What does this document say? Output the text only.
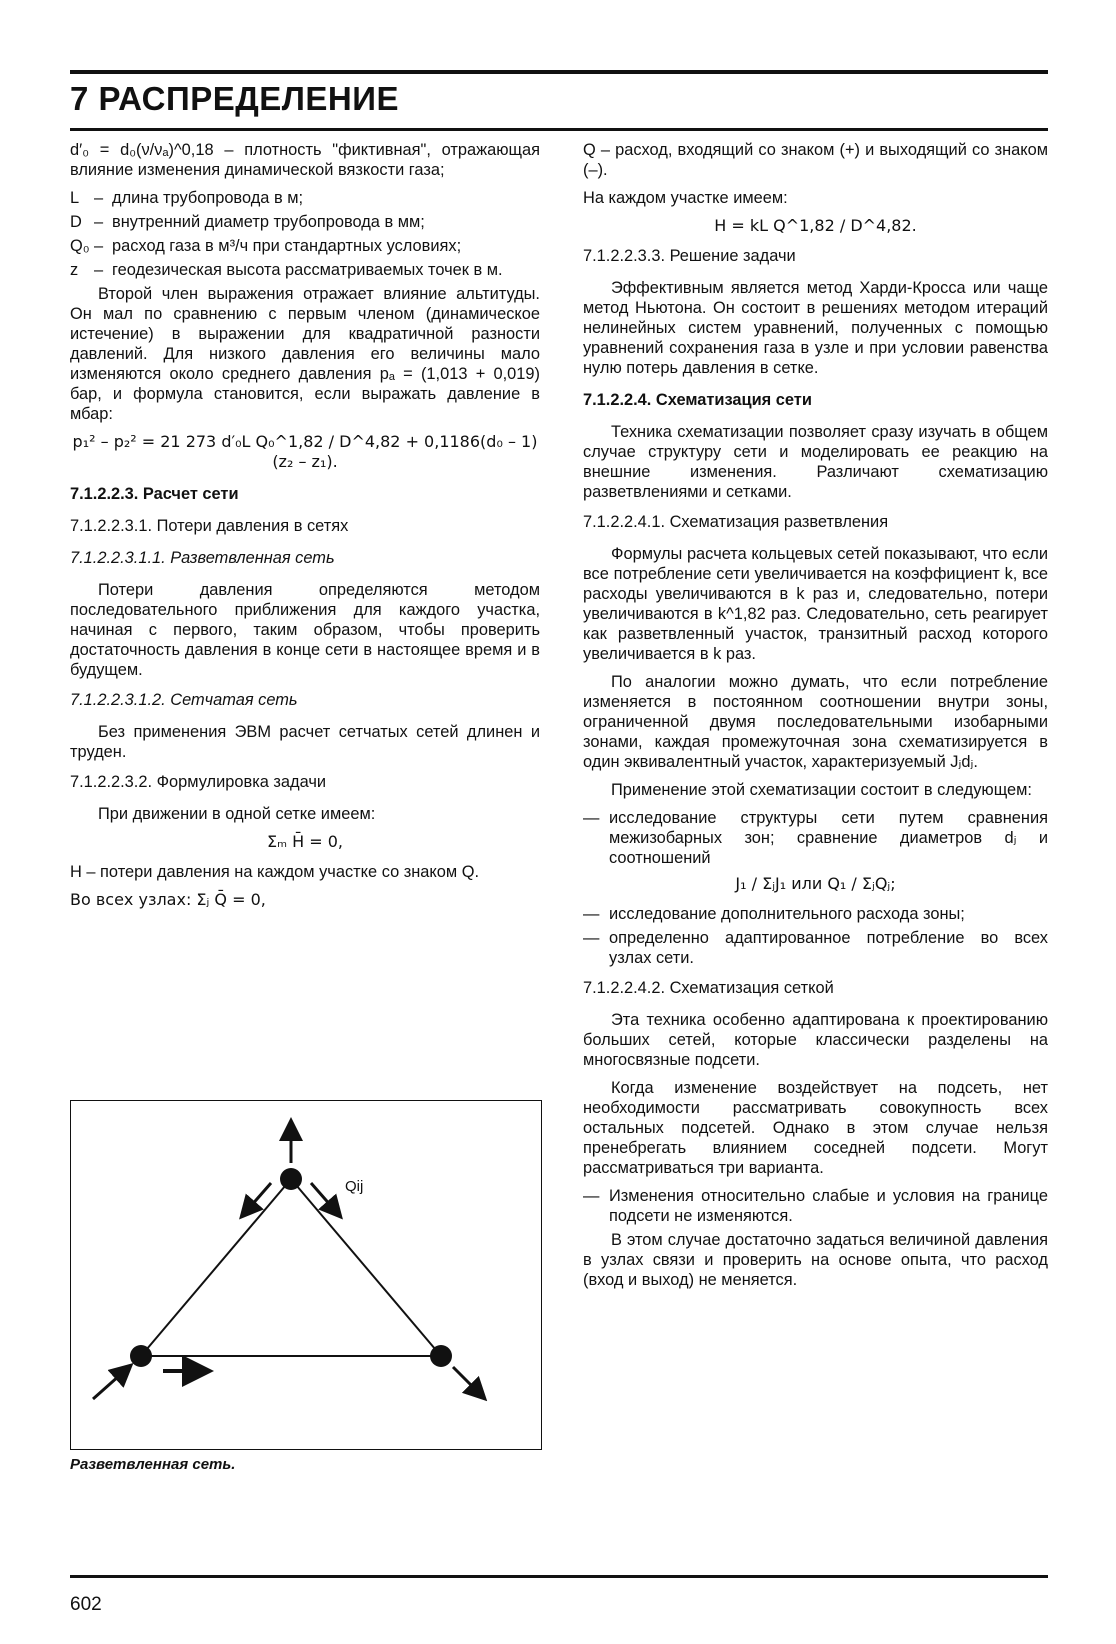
7 РАСПРЕДЕЛЕНИЕ

d′₀ = d₀(ν/νₐ)^0,18 – плотность "фиктивная", отражающая влияние изменения динамической вязкости газа;

L – длина трубопровода в м;
D – внутренний диаметр трубопровода в мм;
Q₀ – расход газа в м³/ч при стандартных условиях;
z – геодезическая высота рассматриваемых точек в м.

Второй член выражения отражает влияние альтитуды. Он мал по сравнению с первым членом (динамическое истечение) в выражении для квадратичной разности давлений. Для низкого давления его величины мало изменяются около среднего давления pₐ = (1,013 + 0,019) бар, и формула становится, если выражать давление в мбар:

p₁² – p₂² = 21 273 d′₀L Q₀^1,82 / D^4,82 + 0,1186(d₀ – 1)(z₂ – z₁).

7.1.2.2.3. Расчет сети

7.1.2.2.3.1. Потери давления в сетях

7.1.2.2.3.1.1. Разветвленная сеть

Потери давления определяются методом последовательного приближения для каждого участка, начиная с первого, таким образом, чтобы проверить достаточность давления в конце сети в настоящее время и в будущем.

7.1.2.2.3.1.2. Сетчатая сеть

Без применения ЭВМ расчет сетчатых сетей длинен и труден.

7.1.2.2.3.2. Формулировка задачи

При движении в одной сетке имеем:

Σₘ H̄ = 0,

H – потери давления на каждом участке со знаком Q.

Во всех узлах: Σⱼ Q̄ = 0,
Qij
Разветвленная сеть.

Q – расход, входящий со знаком (+) и выходящий со знаком (–).

На каждом участке имеем:

H = kL Q^1,82 / D^4,82.

7.1.2.2.3.3. Решение задачи

Эффективным является метод Харди-Кросса или чаще метод Ньютона. Он состоит в решениях методом итераций нелинейных систем уравнений, полученных с помощью уравнений сохранения газа в узле и при условии равенства нулю потерь давления в сетке.

7.1.2.2.4. Схематизация сети

Техника схематизации позволяет сразу изучать в общем случае структуру сети и моделировать ее реакцию на внешние изменения. Различают схематизацию разветвлениями и сетками.

7.1.2.2.4.1. Схематизация разветвления

Формулы расчета кольцевых сетей показывают, что если все потребление сети увеличивается на коэффициент k, все расходы увеличиваются в k раз и, следовательно, потери увеличиваются в k^1,82 раз. Следовательно, сеть реагирует как разветвленный участок, транзитный расход которого увеличивается в k раз.

По аналогии можно думать, что если потребление изменяется в постоянном соотношении внутри зоны, ограниченной двумя последовательными изобарными зонами, каждая промежуточная зона схематизируется в один эквивалентный участок, характеризуемый Jⱼdⱼ.

Применение этой схематизации состоит в следующем:

— исследование структуры сети путем сравнения межизобарных зон; сравнение диаметров dⱼ и соотношений
J₁ / ΣⱼJ₁ или Q₁ / ΣⱼQⱼ;
— исследование дополнительного расхода зоны;
— определенно адаптированное потребление во всех узлах сети.

7.1.2.2.4.2. Схематизация сеткой

Эта техника особенно адаптирована к проектированию больших сетей, которые классически разделены на многосвязные подсети.

Когда изменение воздействует на подсеть, нет необходимости рассматривать совокупность всех остальных подсетей. Однако в этом случае нельзя пренебрегать влиянием соседней подсети. Могут рассматриваться три варианта.

— Изменения относительно слабые и условия на границе подсети не изменяются.

В этом случае достаточно задаться величиной давления в узлах связи и проверить на основе опыта, что расход (вход и выход) не меняется.

602
